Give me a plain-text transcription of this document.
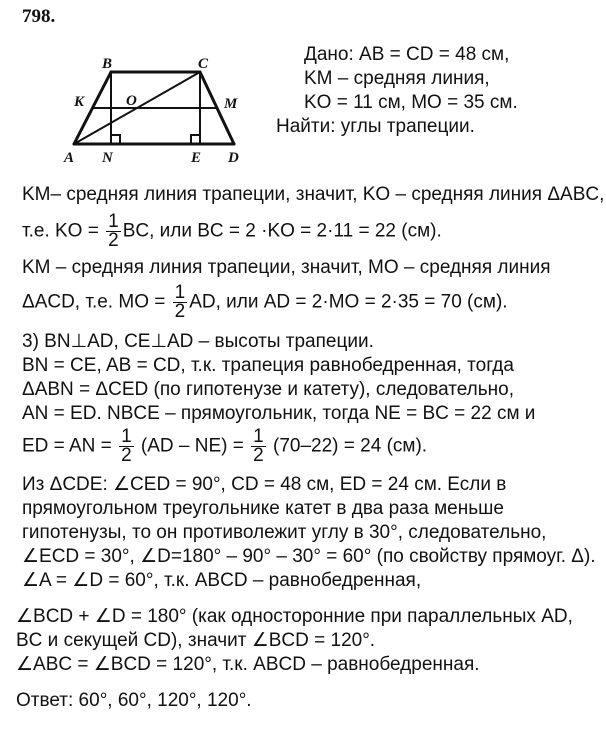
798.
A
B	C
D
K	O	M
N	E
Дано: AB = CD = 48 см,
KM – средняя линия,
KO = 11 см, MO = 35 см.
Найти: углы трапеции.
KM– средняя линия трапеции, значит, KO – средняя линия ΔABC,
т.е. KO = $\frac{1}{2}$ BC, или BC = 2 ·KO = 2·11 = 22 (см).
KM – средняя линия трапеции, значит, MO – средняя линия
ΔACD, т.е. MO = $\frac{1}{2}$ AD, или AD = 2·MO = 2·35 = 70 (см).
3) BN⊥AD, CE⊥AD – высоты трапеции.
BN = CE, AB = CD, т.к. трапеция равнобедренная, тогда
ΔABN = ΔCED (по гипотенузе и катету), следовательно,
AN = ED. NBCE – прямоугольник, тогда NE = BC = 22 см и
ED = AN = $\frac{1}{2} (AD - NE) = \frac{1}{2} (70-22) = 24$ (см).
Из ΔCDE: ∠CED = 90°, CD = 48 см, ED = 24 см. Если в
прямоугольном треугольнике катет в два раза меньше
гипотенузы, то он противолежит углу в 30°, следовательно,
∠ECD = 30°, ∠D=180° – 90° – 30° = 60° (по свойству прямоуг. Δ).
∠A = ∠D = 60°, т.к. ABCD – равнобедренная,
∠BCD + ∠D = 180° (как односторонние при параллельных AD,
BC и секущей CD), значит ∠BCD = 120°.
∠ABC = ∠BCD = 120°, т.к. ABCD – равнобедренная.
Ответ: 60°, 60°, 120°, 120°.
